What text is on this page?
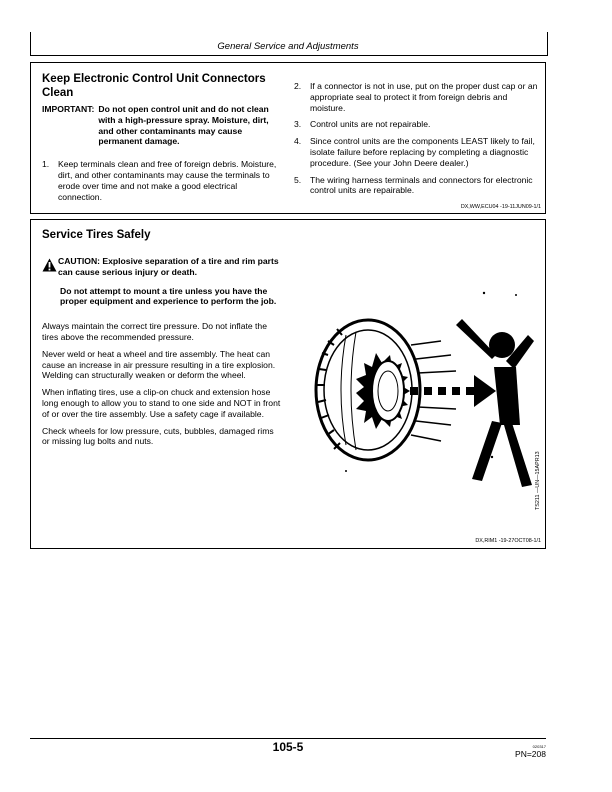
General Service and Adjustments
Keep Electronic Control Unit Connectors Clean
IMPORTANT: Do not open control unit and do not clean with a high-pressure spray. Moisture, dirt, and other contaminants may cause permanent damage.
1.	Keep terminals clean and free of foreign debris. Moisture, dirt, and other contaminants may cause the terminals to erode over time and not make a good electrical connection.
2.	If a connector is not in use, put on the proper dust cap or an appropriate seal to protect it from foreign debris and moisture.
3.	Control units are not repairable.
4.	Since control units are the components LEAST likely to fail, isolate failure before replacing by completing a diagnostic procedure. (See your John Deere dealer.)
5.	The wiring harness terminals and connectors for electronic control units are repairable.
DX,WW,ECU04 -19-11JUN09-1/1
Service Tires Safely
CAUTION: Explosive separation of a tire and rim parts can cause serious injury or death.
Do not attempt to mount a tire unless you have the proper equipment and experience to perform the job.

Always maintain the correct tire pressure. Do not inflate the tires above the recommended pressure.

Never weld or heat a wheel and tire assembly. The heat can cause an increase in air pressure resulting in a tire explosion. Welding can structurally weaken or deform the wheel.

When inflating tires, use a clip-on chuck and extension hose long enough to allow you to stand to one side and NOT in front of or over the tire assembly. Use a safety cage if available.

Check wheels for low pressure, cuts, bubbles, damaged rims or missing lug bolts and nuts.

TS211 —UN—15APR13
DX,RIM1 -19-27OCT08-1/1
105-5	020317
PN=208
